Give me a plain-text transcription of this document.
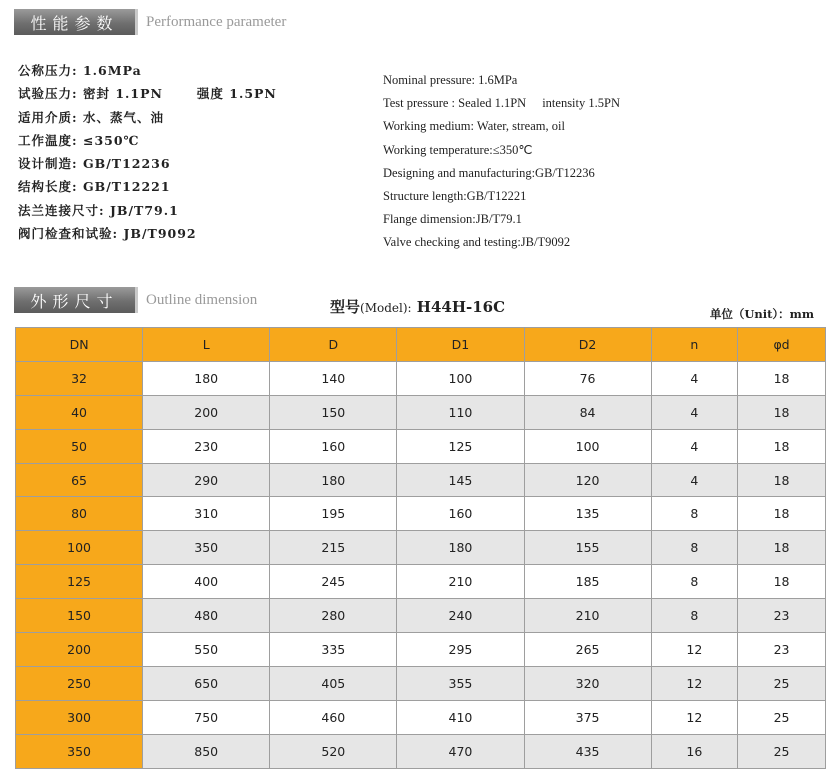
性能参数	Performance parameter
公称压力: 1.6MPa
试验压力: 密封 1.1PN	强度 1.5PN
适用介质: 水、蒸气、油
工作温度: ≤350℃
设计制造: GB/T12236
结构长度: GB/T12221
法兰连接尺寸: JB/T79.1
阀门检查和试验: JB/T9092
Nominal pressure: 1.6MPa
Test pressure : Sealed 1.1PN intensity 1.5PN
Working medium: Water, stream, oil
Working temperature:≤350℃
Designing and manufacturing:GB/T12236
Structure length:GB/T12221
Flange dimension:JB/T79.1
Valve checking and testing:JB/T9092
外形尺寸	Outline dimension	型号(Model): H44H-16C	单位（Unit）：mm
DN	L	D	D1	D2	n	φd
32	180	140	100	76	4	18
40	200	150	110	84	4	18
50	230	160	125	100	4	18
65	290	180	145	120	4	18
80	310	195	160	135	8	18
100	350	215	180	155	8	18
125	400	245	210	185	8	18
150	480	280	240	210	8	23
200	550	335	295	265	12	23
250	650	405	355	320	12	25
300	750	460	410	375	12	25
350	850	520	470	435	16	25
